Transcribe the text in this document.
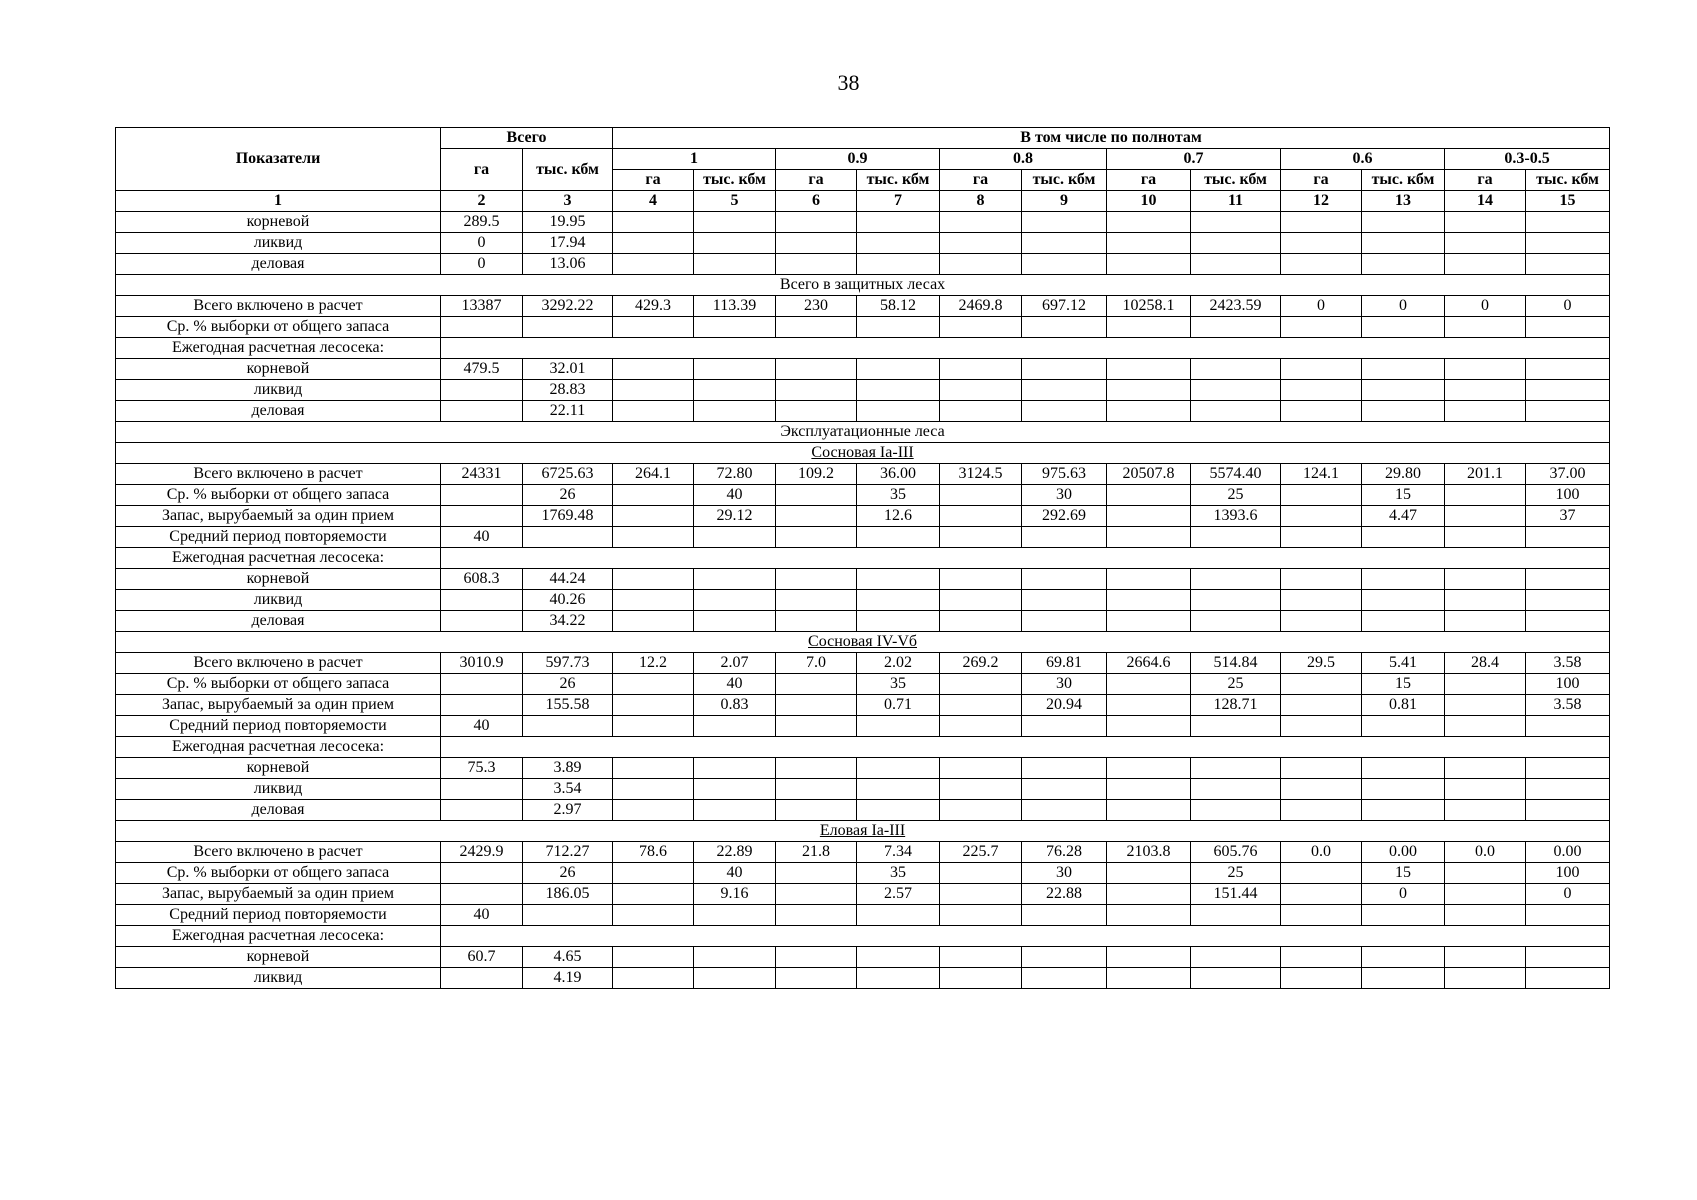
38
Показатели	Всего		В том числе по полнотам											
	га	тыс. кбм	1		0.9		0.8		0.7		0.6		0.3-0.5	
			га	тыс. кбм	га	тыс. кбм	га	тыс. кбм	га	тыс. кбм	га	тыс. кбм	га	тыс. кбм
1	2	3	4	5	6	7	8	9	10	11	12	13	14	15
корневой	289.5	19.95												
ликвид	0	17.94												
деловая	0	13.06												
Всего в защитных лесах														
Всего включено в расчет	13387	3292.22	429.3	113.39	230	58.12	2469.8	697.12	10258.1	2423.59	0	0	0	0
Ср. % выборки от общего запаса														
Ежегодная расчетная лесосека:														
корневой	479.5	32.01												
ликвид		28.83												
деловая		22.11												
Эксплуатационные леса														
Сосновая Ia-III														
Всего включено в расчет	24331	6725.63	264.1	72.80	109.2	36.00	3124.5	975.63	20507.8	5574.40	124.1	29.80	201.1	37.00
Ср. % выборки от общего запаса		26		40		35		30		25		15		100
Запас, вырубаемый за один прием		1769.48		29.12		12.6		292.69		1393.6		4.47		37
Средний период повторяемости	40													
Ежегодная расчетная лесосека:														
корневой	608.3	44.24												
ликвид		40.26												
деловая		34.22												
Сосновая IV-Vб														
Всего включено в расчет	3010.9	597.73	12.2	2.07	7.0	2.02	269.2	69.81	2664.6	514.84	29.5	5.41	28.4	3.58
Ср. % выборки от общего запаса		26		40		35		30		25		15		100
Запас, вырубаемый за один прием		155.58		0.83		0.71		20.94		128.71		0.81		3.58
Средний период повторяемости	40													
Ежегодная расчетная лесосека:														
корневой	75.3	3.89												
ликвид		3.54												
деловая		2.97												
Еловая Ia-III														
Всего включено в расчет	2429.9	712.27	78.6	22.89	21.8	7.34	225.7	76.28	2103.8	605.76	0.0	0.00	0.0	0.00
Ср. % выборки от общего запаса		26		40		35		30		25		15		100
Запас, вырубаемый за один прием		186.05		9.16		2.57		22.88		151.44		0		0
Средний период повторяемости	40													
Ежегодная расчетная лесосека:														
корневой	60.7	4.65												
ликвид		4.19												
